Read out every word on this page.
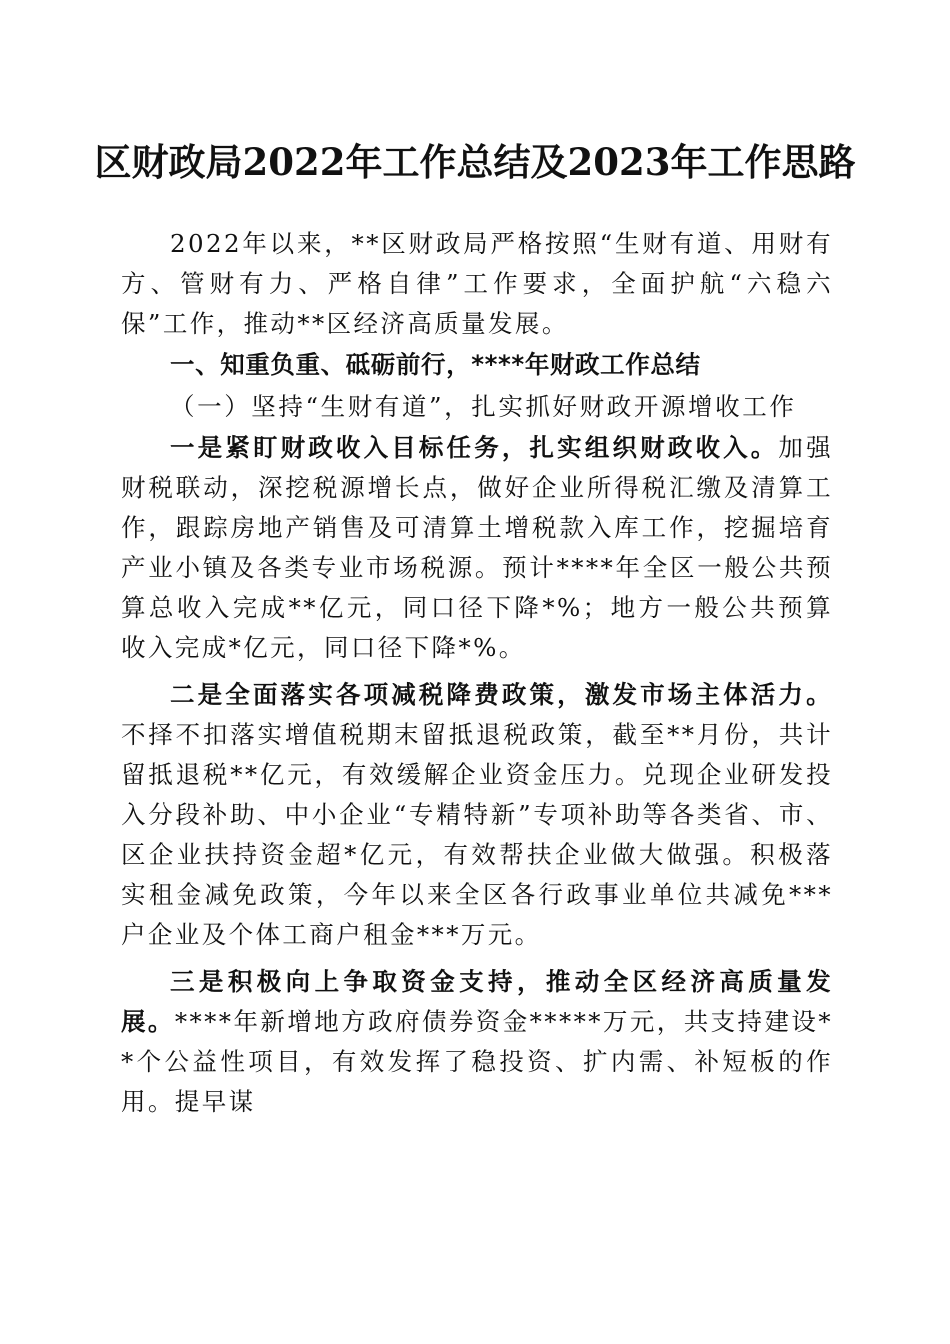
区财政局2022年工作总结及2023年工作思路

2022年以来，**区财政局严格按照“生财有道、用财有方、管财有力、严格自律”工作要求，全面护航“六稳六保”工作，推动**区经济高质量发展。

一、知重负重、砥砺前行，****年财政工作总结

（一）坚持“生财有道”，扎实抓好财政开源增收工作

一是紧盯财政收入目标任务，扎实组织财政收入。加强财税联动，深挖税源增长点，做好企业所得税汇缴及清算工作，跟踪房地产销售及可清算土增税款入库工作，挖掘培育产业小镇及各类专业市场税源。预计****年全区一般公共预算总收入完成**亿元，同口径下降*%；地方一般公共预算收入完成*亿元，同口径下降*%。

二是全面落实各项减税降费政策，激发市场主体活力。不择不扣落实增值税期末留抵退税政策，截至**月份，共计留抵退税**亿元，有效缓解企业资金压力。兑现企业研发投入分段补助、中小企业“专精特新”专项补助等各类省、市、区企业扶持资金超*亿元，有效帮扶企业做大做强。积极落实租金减免政策，今年以来全区各行政事业单位共减免***户企业及个体工商户租金***万元。

三是积极向上争取资金支持，推动全区经济高质量发展。****年新增地方政府债券资金*****万元，共支持建设**个公益性项目，有效发挥了稳投资、扩内需、补短板的作用。提早谋
